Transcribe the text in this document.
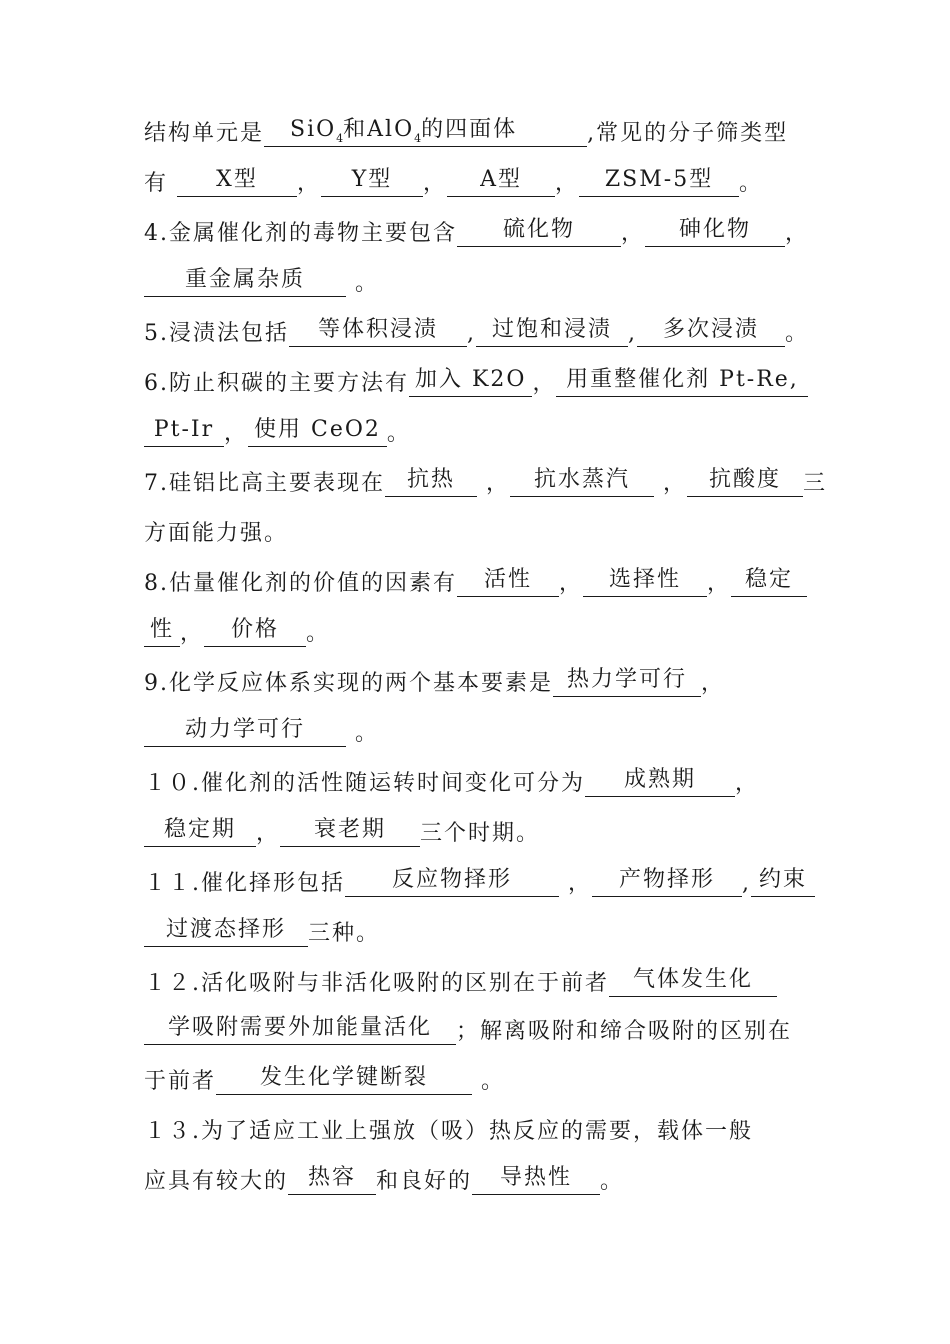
结构单元是 SiO$_4$和AlO$_4$的四面体	,常见的分子筛类型
有 X型 ， Y型 ， A型 ， ZSM-5型 。
4.金属催化剂的毒物主要包含 硫化物 ， 砷化物 ，
重金属杂质 。
5.浸渍法包括 等体积浸渍 , 过饱和浸渍 , 多次浸渍 。
6.防止积碳的主要方法有 加入 K2O ， 用重整催化剂 Pt-Re,
Pt-Ir ， 使用 CeO2 。
7.硅铝比高主要表现在 抗热 ， 抗水蒸汽 ， 抗酸度 三
方面能力强。
8.估量催化剂的价值的因素有 活性 ， 选择性 ， 稳定
性 ， 价格 。
9.化学反应体系实现的两个基本要素是 热力学可行 ，
动力学可行 。
１０.催化剂的活性随运转时间变化可分为 成熟期 ，
稳定期 ， 衰老期 三个时期。
１１.催化择形包括 反应物择形 ， 产物择形 , 约束
过渡态择形 三种。
１２.活化吸附与非活化吸附的区别在于前者 气体发生化
学吸附需要外加能量活化 ；解离吸附和缔合吸附的区别在
于前者 发生化学键断裂 。
１３.为了适应工业上强放（吸）热反应的需要，载体一般
应具有较大的 热容 和良好的 导热性 。
